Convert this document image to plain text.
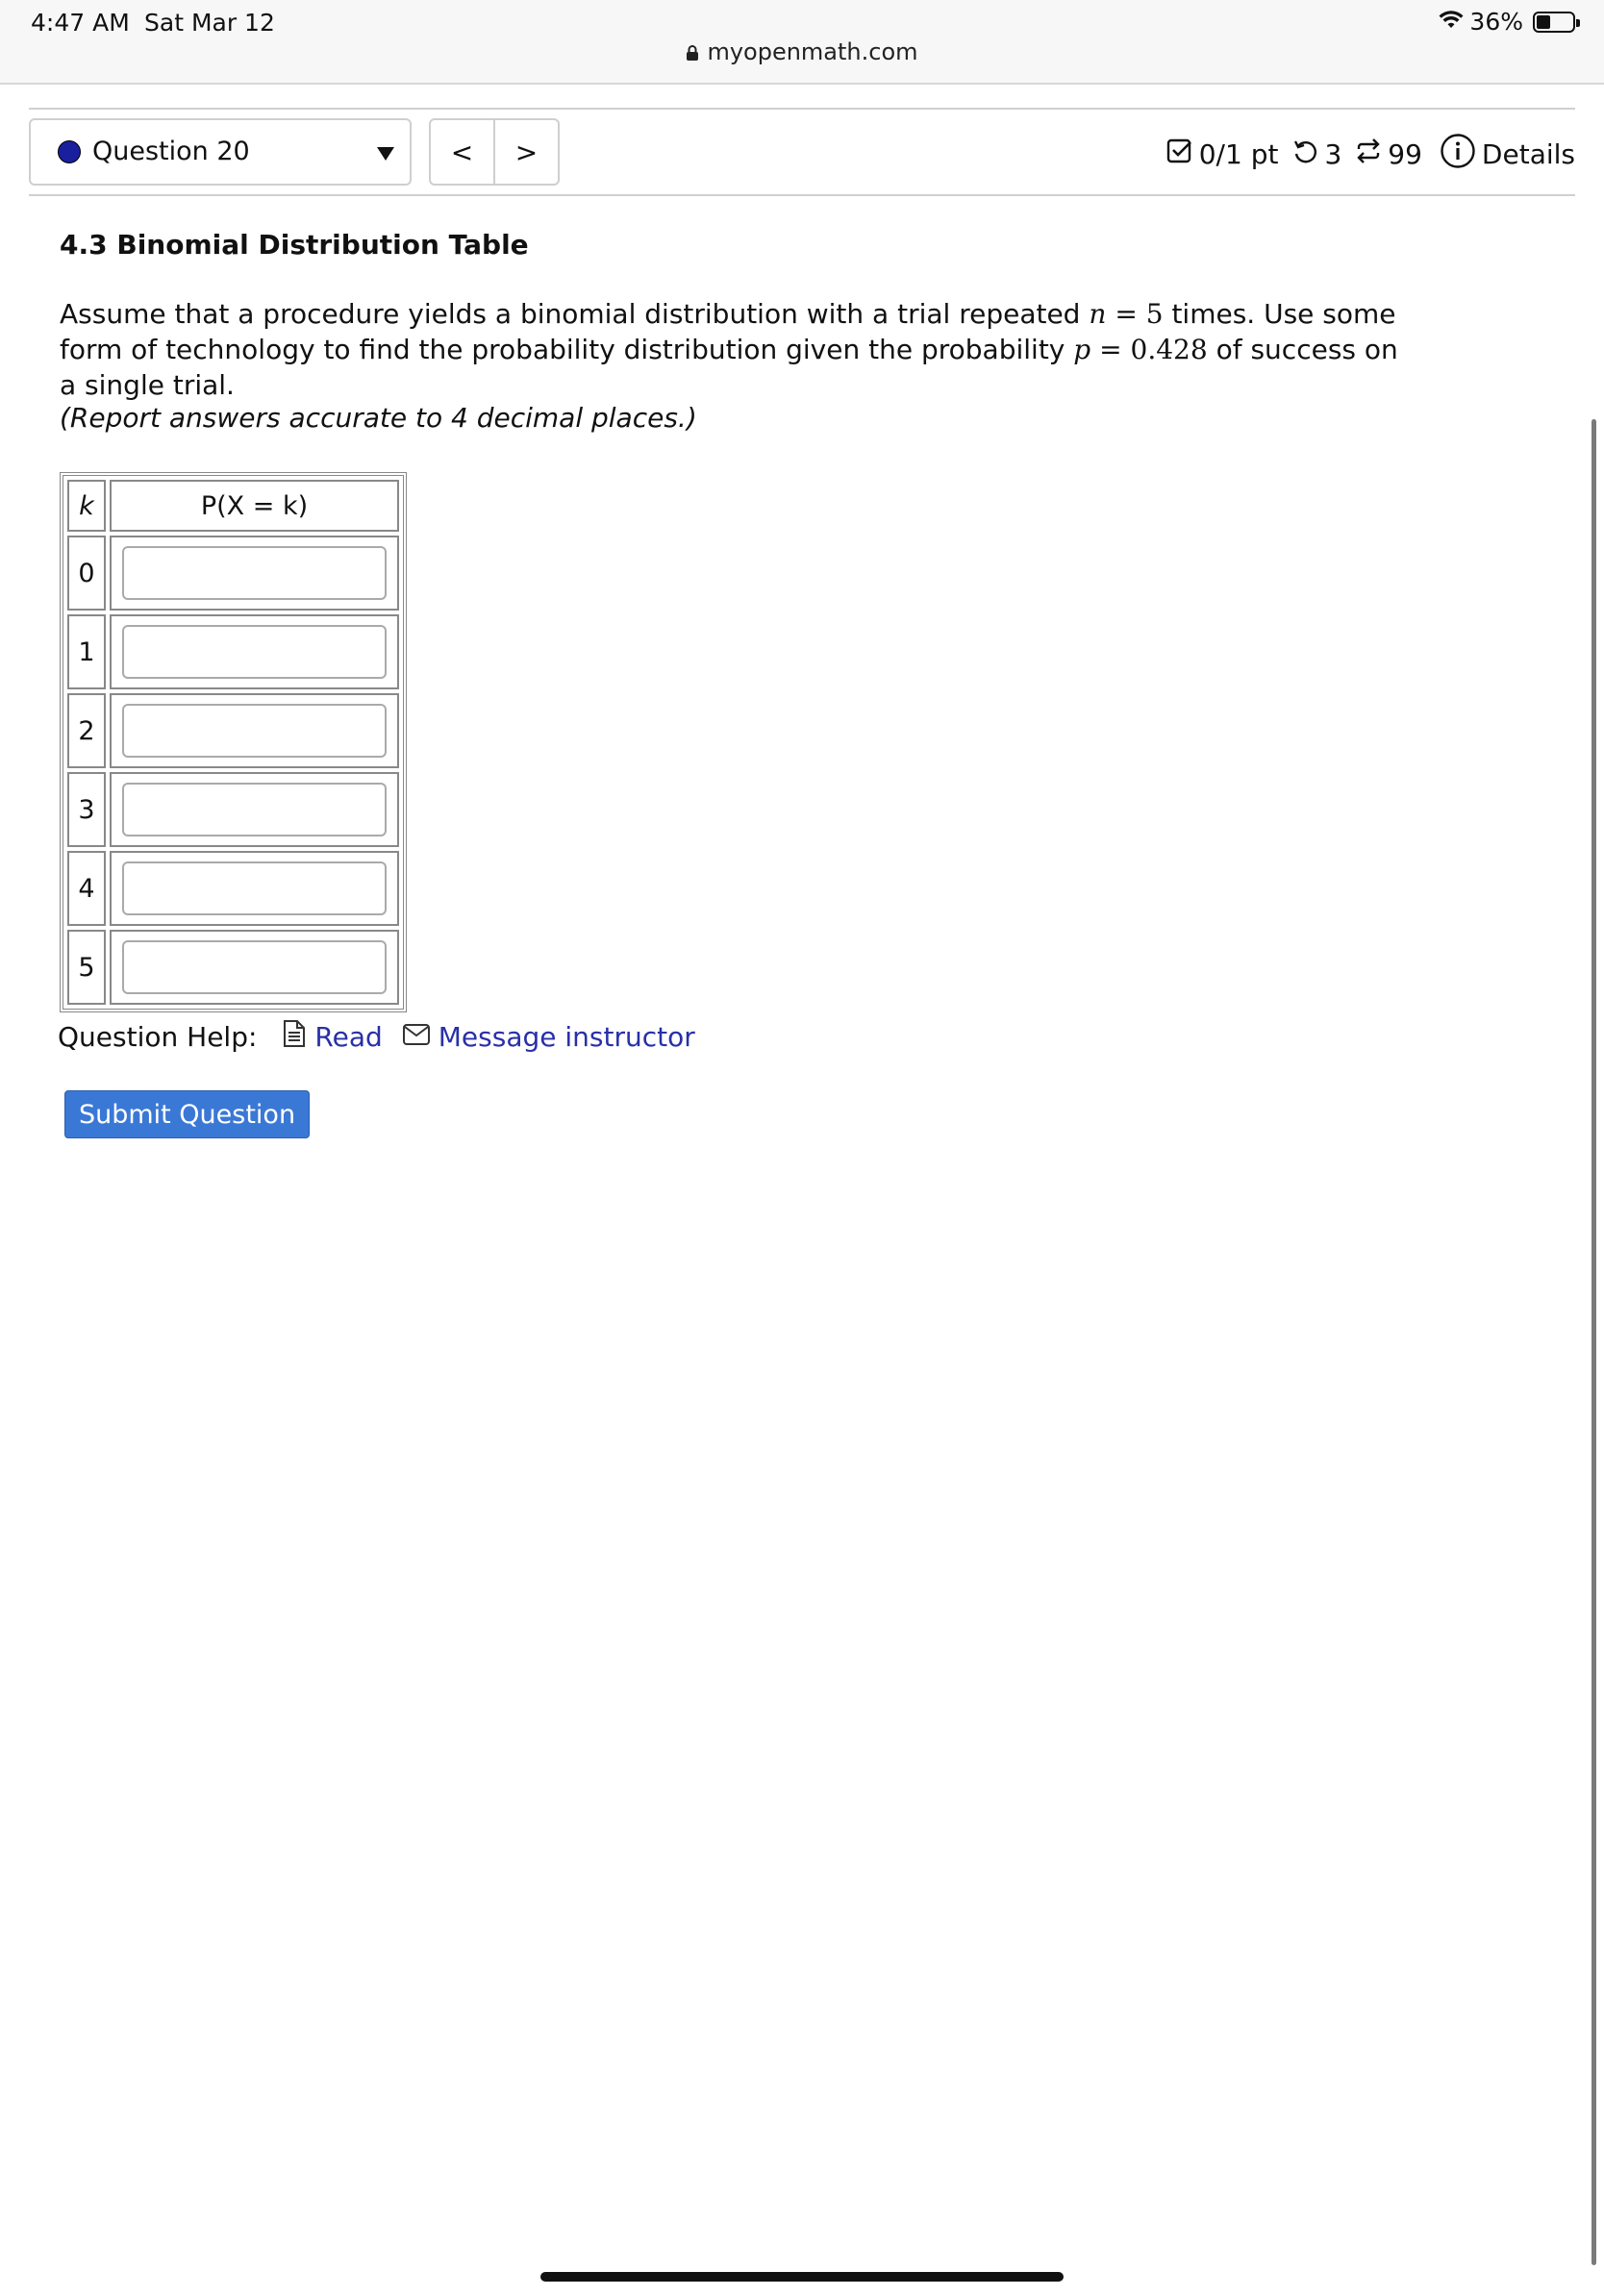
4:47 AM Sat Mar 12	36%
myopenmath.com
Question 20	<	>	0/1 pt 3 99 Details
4.3 Binomial Distribution Table
Assume that a procedure yields a binomial distribution with a trial repeated n = 5 times. Use some form of technology to find the probability distribution given the probability p = 0.428 of success on a single trial.
(Report answers accurate to 4 decimal places.)
k	P(X = k)
0	
1	
2	
3	
4	
5	
Question Help: Read Message instructor
Submit Question
